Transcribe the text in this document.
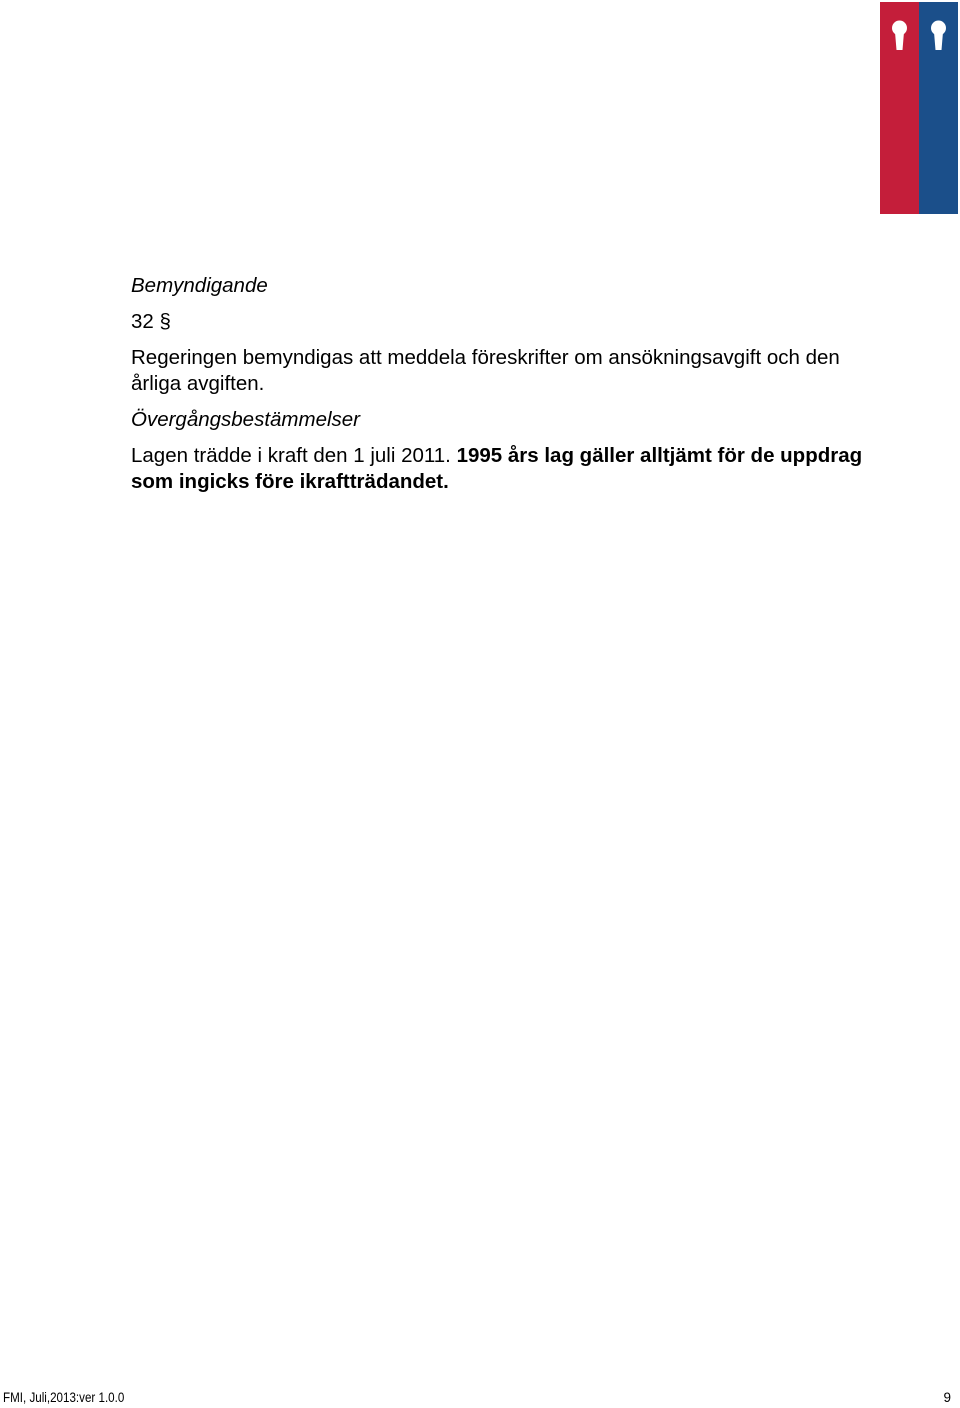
Bemyndigande
32 §
Regeringen bemyndigas att meddela föreskrifter om ansökningsavgift och den årliga avgiften.
Övergångsbestämmelser
Lagen trädde i kraft den 1 juli 2011. 1995 års lag gäller alltjämt för de uppdrag som ingicks före ikraftträdandet.
FMI, Juli,2013:ver 1.0.0	9
